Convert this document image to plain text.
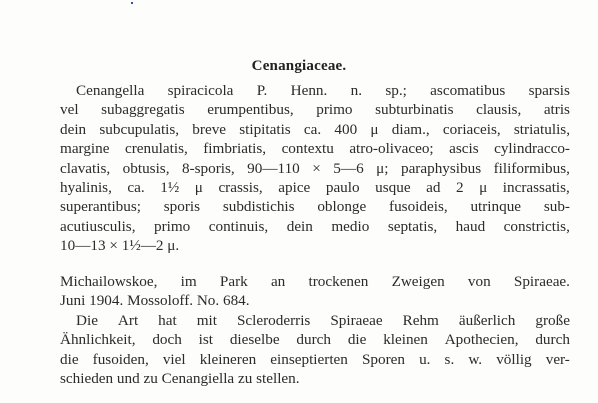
Cenangiaceae.
Cenangella spiracicola P. Henn. n. sp.; ascomatibus sparsis
vel subaggregatis erumpentibus, primo subturbinatis clausis, atris
dein subcupulatis, breve stipitatis ca. 400 μ diam., coriaceis, striatulis,
margine crenulatis, fimbriatis, contextu atro-olivaceo; ascis cylindracco-
clavatis, obtusis, 8-sporis, 90—110 × 5—6 μ; paraphysibus filiformibus,
hyalinis, ca. 1½ μ crassis, apice paulo usque ad 2 μ incrassatis,
superantibus; sporis subdistichis oblonge fusoideis, utrinque sub-
acutiusculis, primo continuis, dein medio septatis, haud constrictis,
10—13 × 1½—2 μ.
Michailowskoe, im Park an trockenen Zweigen von Spiraeae.
Juni 1904. Mossoloff. No. 684.
Die Art hat mit Scleroderris Spiraeae Rehm äußerlich große
Ähnlichkeit, doch ist dieselbe durch die kleinen Apothecien, durch
die fusoiden, viel kleineren einseptierten Sporen u. s. w. völlig ver-
schieden und zu Cenangiella zu stellen.
